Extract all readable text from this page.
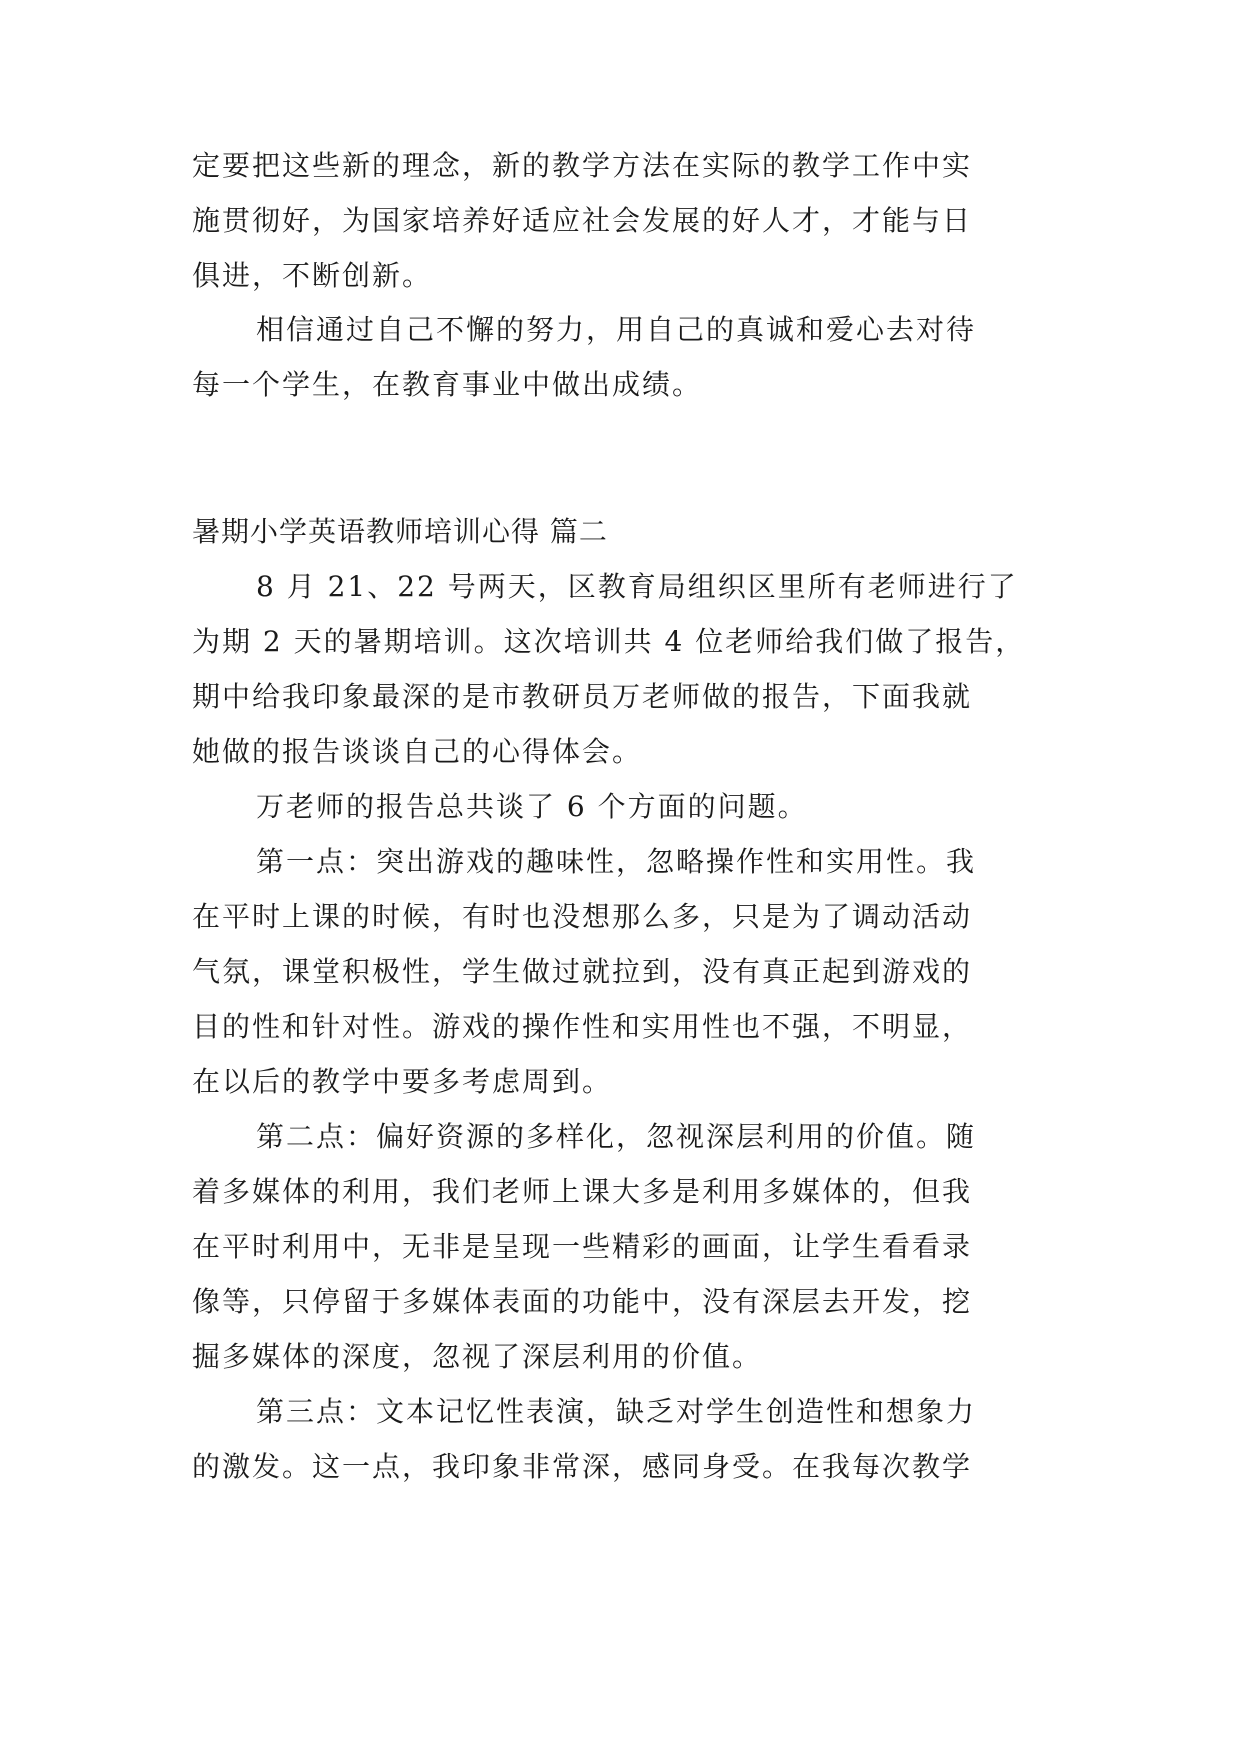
定要把这些新的理念，新的教学方法在实际的教学工作中实

施贯彻好，为国家培养好适应社会发展的好人才，才能与日

俱进，不断创新。

相信通过自己不懈的努力，用自己的真诚和爱心去对待

每一个学生，在教育事业中做出成绩。

暑期小学英语教师培训心得 篇二

8 月 21、22 号两天，区教育局组织区里所有老师进行了

为期 2 天的暑期培训。这次培训共 4 位老师给我们做了报告，

期中给我印象最深的是市教研员万老师做的报告，下面我就

她做的报告谈谈自己的心得体会。

万老师的报告总共谈了 6 个方面的问题。

第一点：突出游戏的趣味性，忽略操作性和实用性。我

在平时上课的时候，有时也没想那么多，只是为了调动活动

气氛，课堂积极性，学生做过就拉到，没有真正起到游戏的

目的性和针对性。游戏的操作性和实用性也不强，不明显，

在以后的教学中要多考虑周到。

第二点：偏好资源的多样化，忽视深层利用的价值。随

着多媒体的利用，我们老师上课大多是利用多媒体的，但我

在平时利用中，无非是呈现一些精彩的画面，让学生看看录

像等，只停留于多媒体表面的功能中，没有深层去开发，挖

掘多媒体的深度，忽视了深层利用的价值。

第三点：文本记忆性表演，缺乏对学生创造性和想象力

的激发。这一点，我印象非常深，感同身受。在我每次教学
